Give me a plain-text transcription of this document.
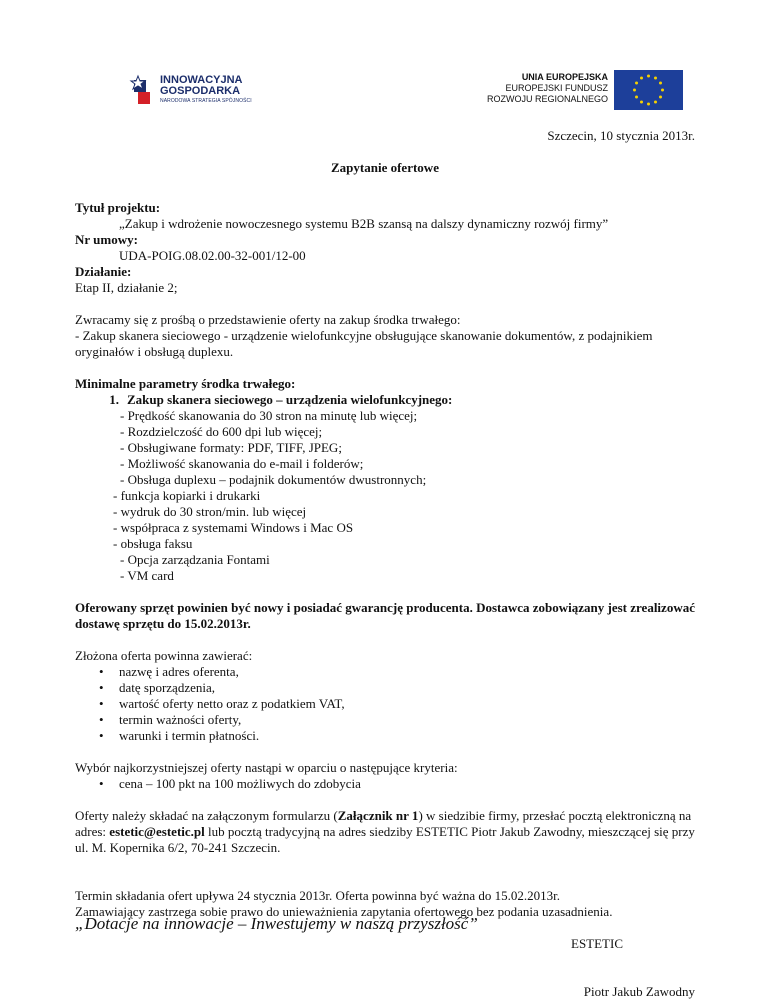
INNOWACYJNA
GOSPODARKA
NARODOWA STRATEGIA SPÓJNOŚCI
UNIA EUROPEJSKA
EUROPEJSKI FUNDUSZ
ROZWOJU REGIONALNEGO

Szczecin, 10 stycznia 2013r.

Zapytanie ofertowe

Tytuł projektu:

„Zakup i wdrożenie nowoczesnego systemu B2B szansą na dalszy dynamiczny rozwój firmy”

Nr umowy:

UDA-POIG.08.02.00-32-001/12-00

Działanie:

Etap II, działanie 2;

Zwracamy się z prośbą o przedstawienie oferty na zakup środka trwałego:

- Zakup skanera sieciowego - urządzenie wielofunkcyjne obsługujące skanowanie dokumentów, z podajnikiem

oryginałów i obsługą duplexu.

Minimalne parametry środka trwałego:

1. Zakup skanera sieciowego – urządzenia wielofunkcyjnego:

- Prędkość skanowania do 30 stron na minutę lub więcej;

- Rozdzielczość do 600 dpi lub więcej;

- Obsługiwane formaty: PDF, TIFF, JPEG;

- Możliwość skanowania do e-mail i folderów;

- Obsługa duplexu – podajnik dokumentów dwustronnych;

- funkcja kopiarki i drukarki

- wydruk do 30 stron/min. lub więcej

- współpraca z systemami Windows i Mac OS

- obsługa faksu

- Opcja zarządzania Fontami

- VM card

Oferowany sprzęt powinien być nowy i posiadać gwarancję producenta. Dostawca zobowiązany jest zrealizować

dostawę sprzętu do 15.02.2013r.

Złożona oferta powinna zawierać:

•	nazwę i adres oferenta,
•	datę sporządzenia,
•	wartość oferty netto oraz z podatkiem VAT,
•	termin ważności oferty,
•	warunki i termin płatności.

Wybór najkorzystniejszej oferty nastąpi w oparciu o następujące kryteria:

•	cena – 100 pkt na 100 możliwych do zdobycia

Oferty należy składać na załączonym formularzu (Załącznik nr 1) w siedzibie firmy, przesłać pocztą elektroniczną na
adres: estetic@estetic.pl lub pocztą tradycyjną na adres siedziby ESTETIC Piotr Jakub Zawodny, mieszczącej się przy
ul. M. Kopernika 6/2, 70-241 Szczecin.

Termin składania ofert upływa 24 stycznia 2013r. Oferta powinna być ważna do 15.02.2013r.

Zamawiający zastrzega sobie prawo do unieważnienia zapytania ofertowego bez podania uzasadnienia.

ESTETIC

Piotr Jakub Zawodny

„Dotacje na innowacje – Inwestujemy w naszą przyszłość”
